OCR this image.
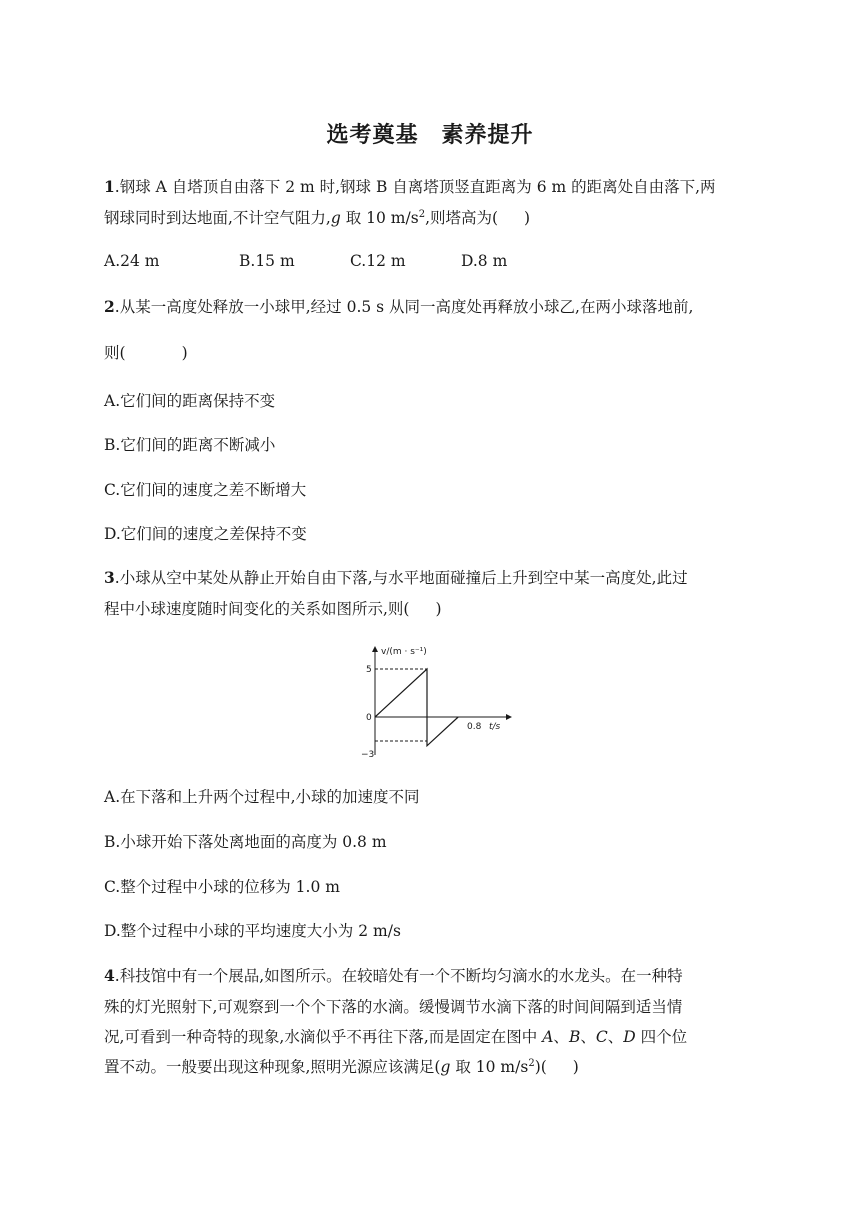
选考奠基　素养提升
1.钢球 A 自塔顶自由落下 2 m 时,钢球 B 自离塔顶竖直距离为 6 m 的距离处自由落下,两
钢球同时到达地面,不计空气阻力,g 取 10 $m/s^2$,则塔高为( )
A.24 m	B.15 m	C.12 m	D.8 m
2.从某一高度处释放一小球甲,经过 0.5 s 从同一高度处再释放小球乙,在两小球落地前,
则(	)
A.它们间的距离保持不变
B.它们间的距离不断减小
C.它们间的速度之差不断增大
D.它们间的速度之差保持不变
3.小球从空中某处从静止开始自由下落,与水平地面碰撞后上升到空中某一高度处,此过
程中小球速度随时间变化的关系如图所示,则( )
v/(m · s⁻¹)
t/s
5
0
−3
0.8
A.在下落和上升两个过程中,小球的加速度不同
B.小球开始下落处离地面的高度为 0.8 m
C.整个过程中小球的位移为 1.0 m
D.整个过程中小球的平均速度大小为 2 m/s
4.科技馆中有一个展品,如图所示。在较暗处有一个不断均匀滴水的水龙头。在一种特
殊的灯光照射下,可观察到一个个下落的水滴。缓慢调节水滴下落的时间间隔到适当情
况,可看到一种奇特的现象,水滴似乎不再往下落,而是固定在图中 A、B、C、D 四个位
置不动。一般要出现这种现象,照明光源应该满足(g 取 10 $m/s^2$)( )
